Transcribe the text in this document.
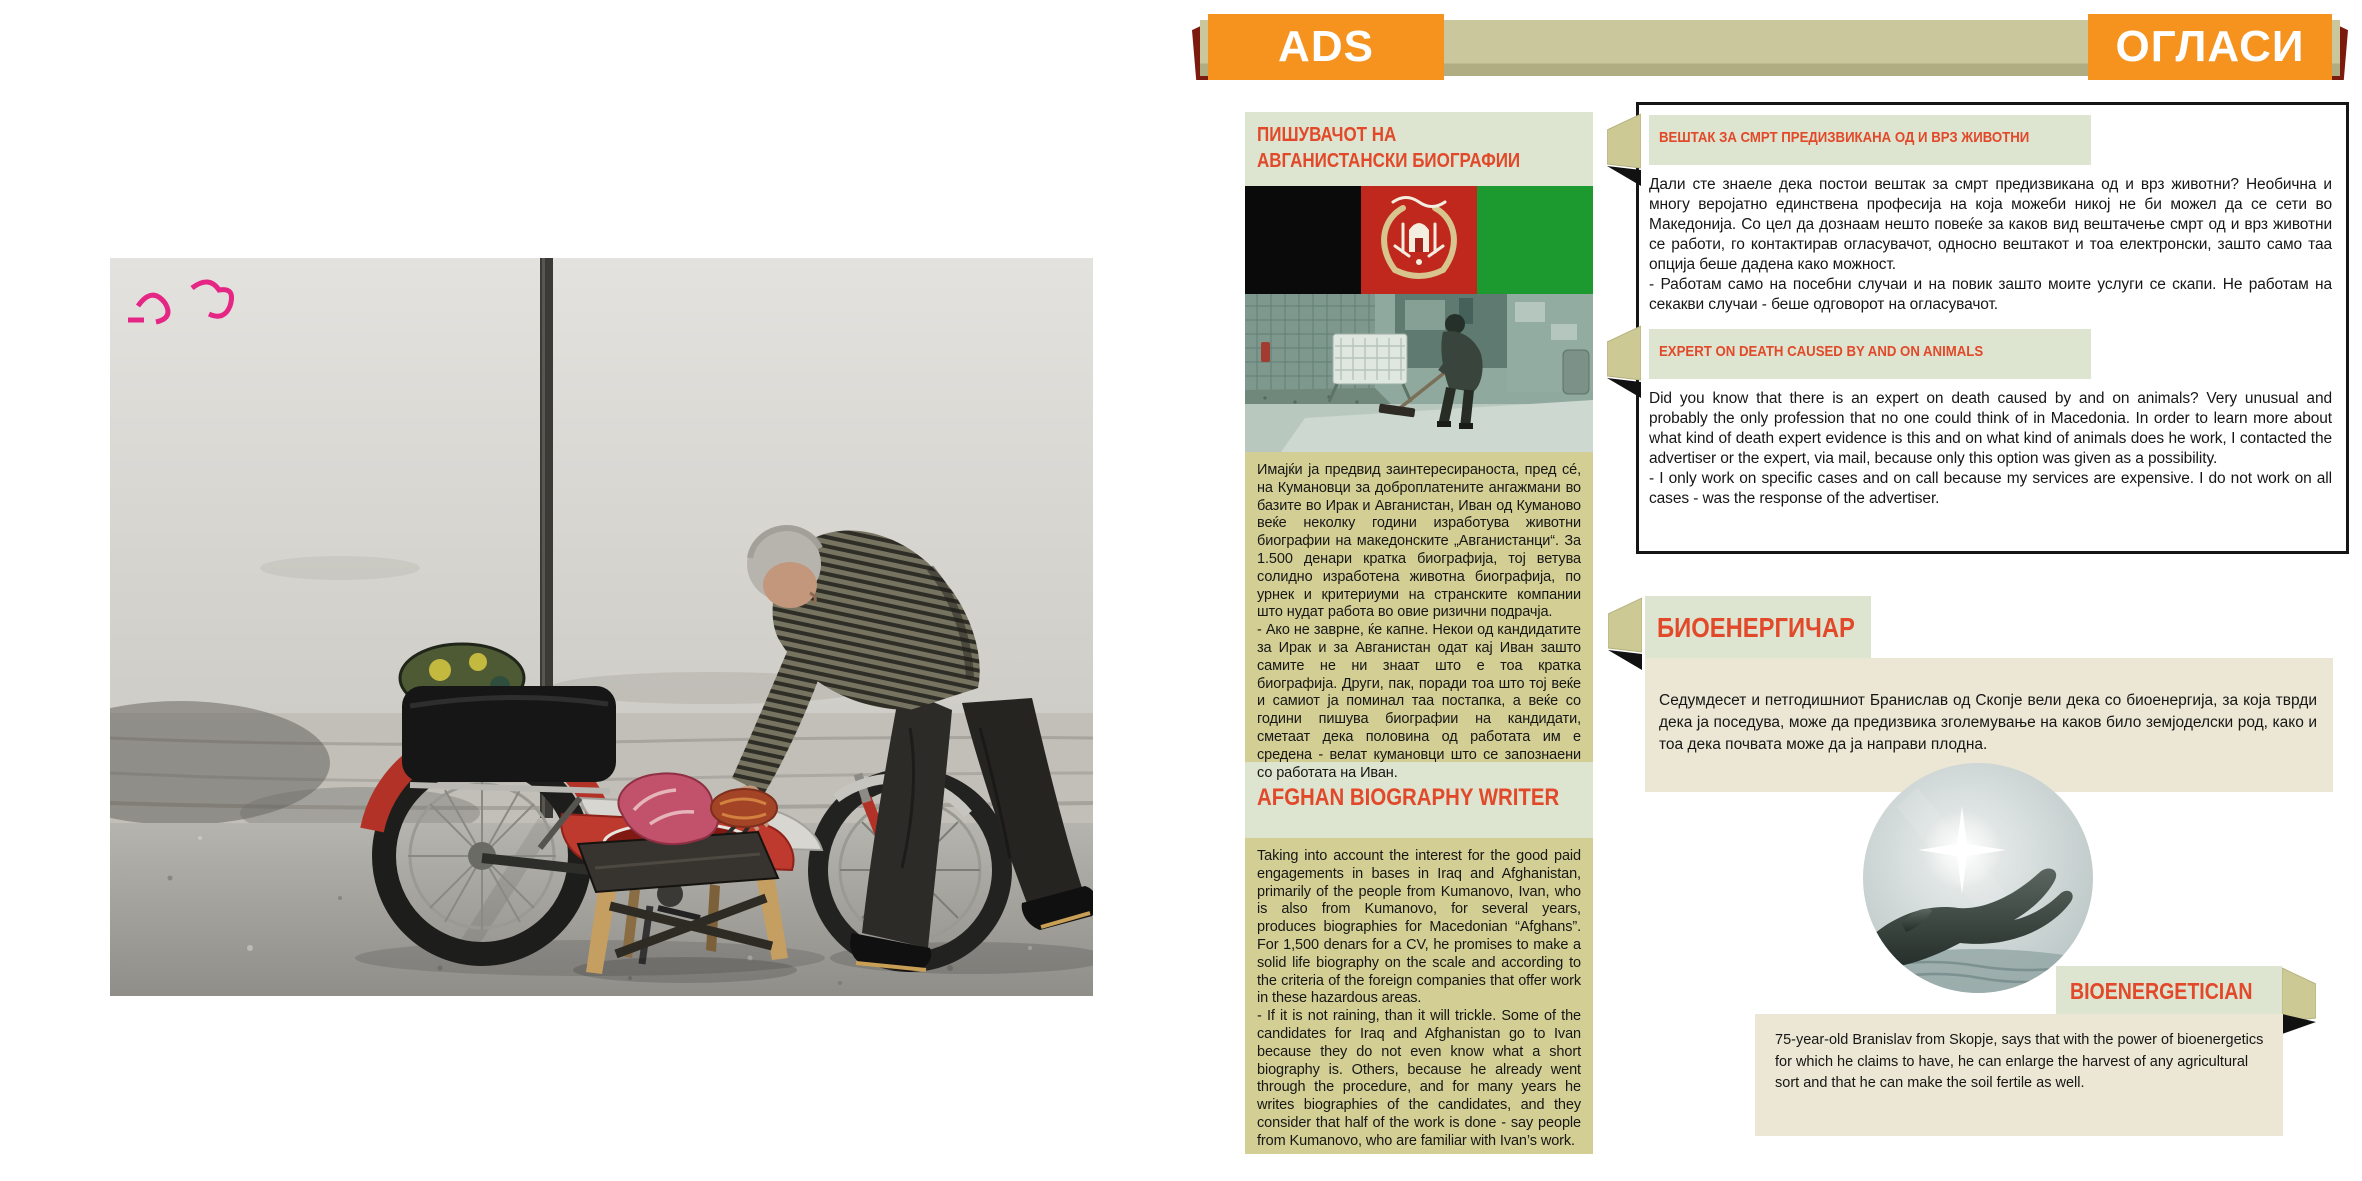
ADS	ОГЛАСИ
ПИШУВАЧОТ НА АВГАНИСТАНСКИ БИОГРАФИИ

Имајќи ја предвид заинтересираноста, пред сé, на Кумановци за доброплатените ангажмани во базите во Ирак и Авганистан, Иван од Куманово веќе неколку години изработува животни биографии на македонските „Авганистанци“. За 1.500 денари кратка биографија, тој ветува солидно изработена животна биографија, по урнек и критериуми на странските компании што нудат работа во овие ризични подрачја.

- Ако не заврне, ќе капне. Некои од кандидатите за Ирак и за Авганистан одат кај Иван зашто самите не ни знаат што е тоа кратка биографија. Други, пак, поради тоа што тој веќе и самиот ја поминал таа постапка, а веќе со години пишува биографии на кандидати, сметаат дека половина од работата им е средена - велат кумановци што се запознаени со работата на Иван.

AFGHAN BIOGRAPHY WRITER

Taking into account the interest for the good paid engagements in bases in Iraq and Afghanistan, primarily of the people from Kumanovo, Ivan, who is also from Kumanovo, for several years, produces biographies for Macedonian “Afghans”. For 1,500 denars for a CV, he promises to make a solid life biography on the scale and according to the criteria of the foreign companies that offer work in these hazardous areas.

- If it is not raining, than it will trickle. Some of the candidates for Iraq and Afghanistan go to Ivan because they do not even know what a short biography is. Others, because he already went through the procedure, and for many years he writes biographies of the candidates, and they consider that half of the work is done - say people from Kumanovo, who are familiar with Ivan’s work.

ВЕШТАК ЗА СМРТ ПРЕДИЗВИКАНА ОД И ВРЗ ЖИВОТНИ

Дали сте знаеле дека постои вештак за смрт предизвикана од и врз животни? Необична и многу веројатно единствена професија на која можеби никој не би можел да се сети во Македонија. Со цел да дознаам нешто повеќе за каков вид вештачење смрт од и врз животни се работи, го контактирав огласувачот, односно вештакот и тоа електронски, зашто само таа опција беше дадена како можност.

- Работам само на посебни случаи и на повик зашто моите услуги се скапи. Не работам на секакви случаи - беше одговорот на огласувачот.

EXPERT ON DEATH CAUSED BY AND ON ANIMALS

Did you know that there is an expert on death caused by and on animals? Very unusual and probably the only profession that no one could think of in Macedonia. In order to learn more about what kind of death expert evidence is this and on what kind of animals does he work, I contacted the advertiser or the expert, via mail, because only this option was given as a possibility.

- I only work on specific cases and on call because my services are expensive. I do not work on all cases - was the response of the advertiser.

БИОЕНЕРГИЧАР

Седумдесет и петгодишниот Бранислав од Скопје вели дека со биоенергија, за која тврди дека ја поседува, може да предизвика зголемување на каков било земјоделски род, како и тоа дека почвата може да ја направи плодна.

BIOENERGETICIAN

75-year-old Branislav from Skopje, says that with the power of bioenergetics for which he claims to have, he can enlarge the harvest of any agricultural sort and that he can make the soil fertile as well.
